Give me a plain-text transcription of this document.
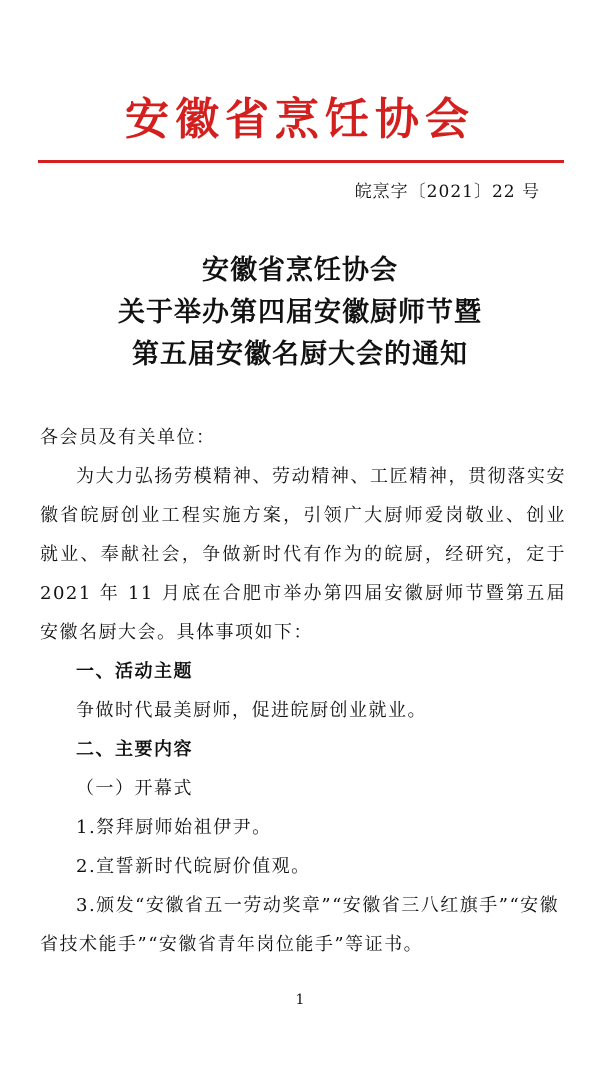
安徽省烹饪协会
皖烹字〔2021〕22 号
安徽省烹饪协会
关于举办第四届安徽厨师节暨
第五届安徽名厨大会的通知

各会员及有关单位：

为大力弘扬劳模精神、劳动精神、工匠精神，贯彻落实安徽省皖厨创业工程实施方案，引领广大厨师爱岗敬业、创业就业、奉献社会，争做新时代有作为的皖厨，经研究，定于 2021 年 11 月底在合肥市举办第四届安徽厨师节暨第五届安徽名厨大会。具体事项如下：

一、活动主题

争做时代最美厨师，促进皖厨创业就业。

二、主要内容

（一）开幕式

1.祭拜厨师始祖伊尹。

2.宣誓新时代皖厨价值观。

3.颁发“安徽省五一劳动奖章”“安徽省三八红旗手”“安徽省技术能手”“安徽省青年岗位能手”等证书。

1
